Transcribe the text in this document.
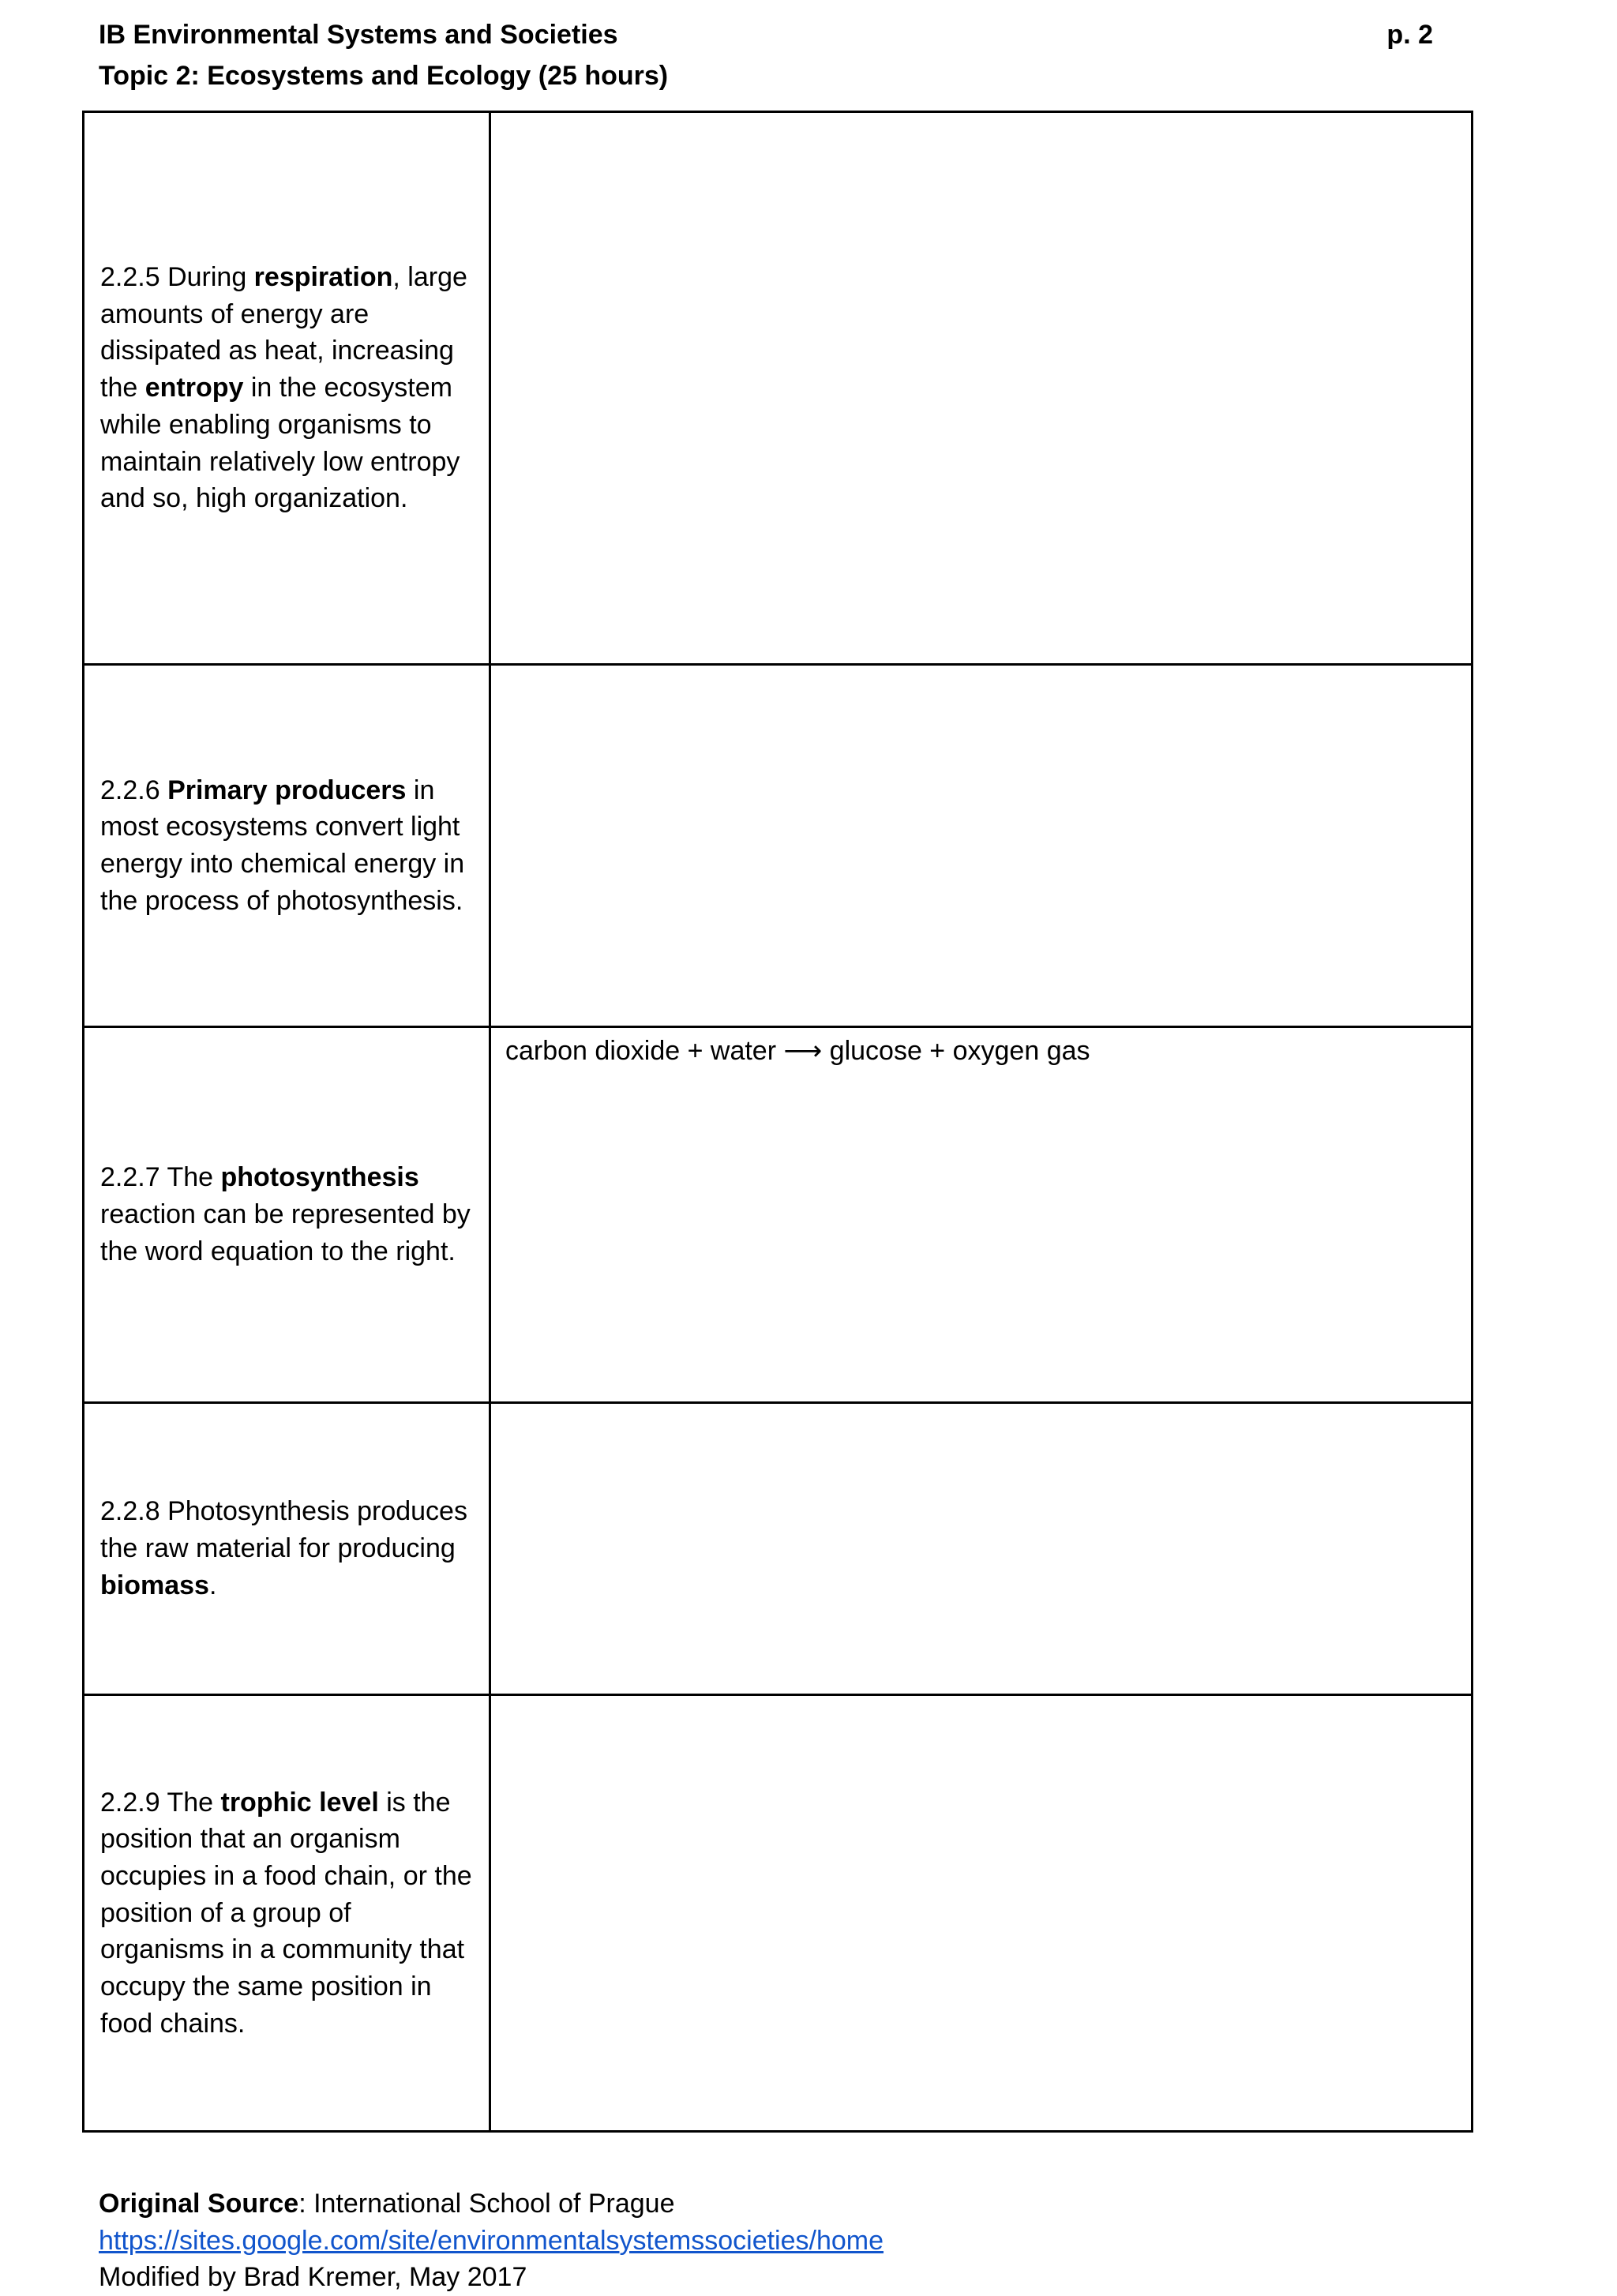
IB Environmental Systems and Societies
Topic 2: Ecosystems and Ecology (25 hours)
p. 2
2.2.5 During respiration, large amounts of energy are dissipated as heat, increasing the entropy in the ecosystem while enabling organisms to maintain relatively low entropy and so, high organization.	
2.2.6 Primary producers in most ecosystems convert light energy into chemical energy in the process of photosynthesis.	
2.2.7 The photosynthesis reaction can be represented by the word equation to the right.	carbon dioxide + water ⟶ glucose + oxygen gas
2.2.8 Photosynthesis produces the raw material for producing biomass.	
2.2.9 The trophic level is the position that an organism occupies in a food chain, or the position of a group of organisms in a community that occupy the same position in food chains.	
Original Source: International School of Prague
https://sites.google.com/site/environmentalsystemssocieties/home
Modified by Brad Kremer, May 2017
